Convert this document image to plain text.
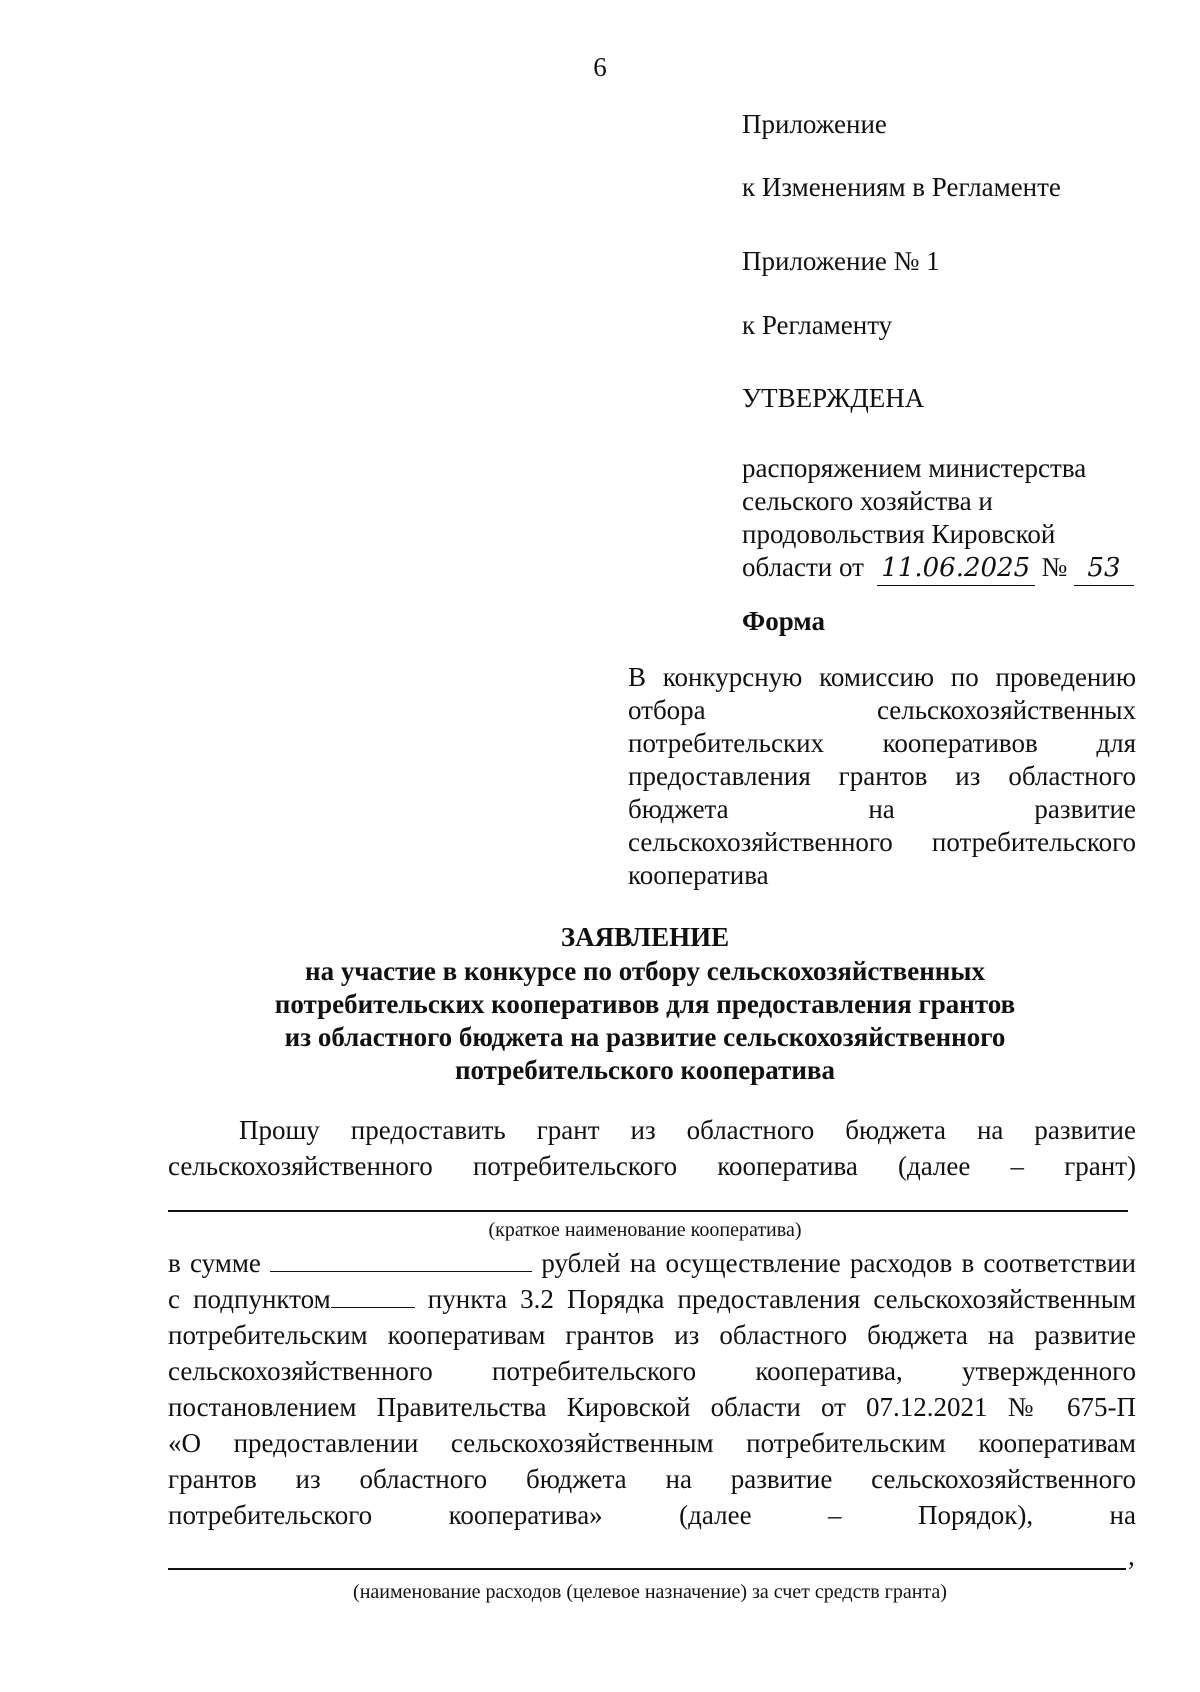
6
Приложение
к Изменениям в Регламенте
Приложение № 1
к Регламенту
УТВЕРЖДЕНА
распоряжением министерства
сельского хозяйства и
продовольствия Кировской
области от 11.06.2025 № 53
Форма
В конкурсную комиссию по проведению
отбора сельскохозяйственных
потребительских кооперативов для
предоставления грантов из областного
бюджета на развитие
сельскохозяйственного потребительского
кооператива
ЗАЯВЛЕНИЕ
на участие в конкурсе по отбору сельскохозяйственных
потребительских кооперативов для предоставления грантов
из областного бюджета на развитие сельскохозяйственного
потребительского кооператива
Прошу предоставить грант из областного бюджета на развитие
сельскохозяйственного потребительского кооператива (далее – грант)
(краткое наименование кооператива)
в сумме	рублей на осуществление расходов в соответствии
с подпунктом	пункта 3.2 Порядка предоставления сельскохозяйственным
потребительским кооперативам грантов из областного бюджета на развитие
сельскохозяйственного потребительского кооператива, утвержденного
постановлением Правительства Кировской области от 07.12.2021 № 675-П
«О предоставлении сельскохозяйственным потребительским кооперативам
грантов из областного бюджета на развитие сельскохозяйственного
потребительского кооператива» (далее – Порядок), на
,
(наименование расходов (целевое назначение) за счет средств гранта)
